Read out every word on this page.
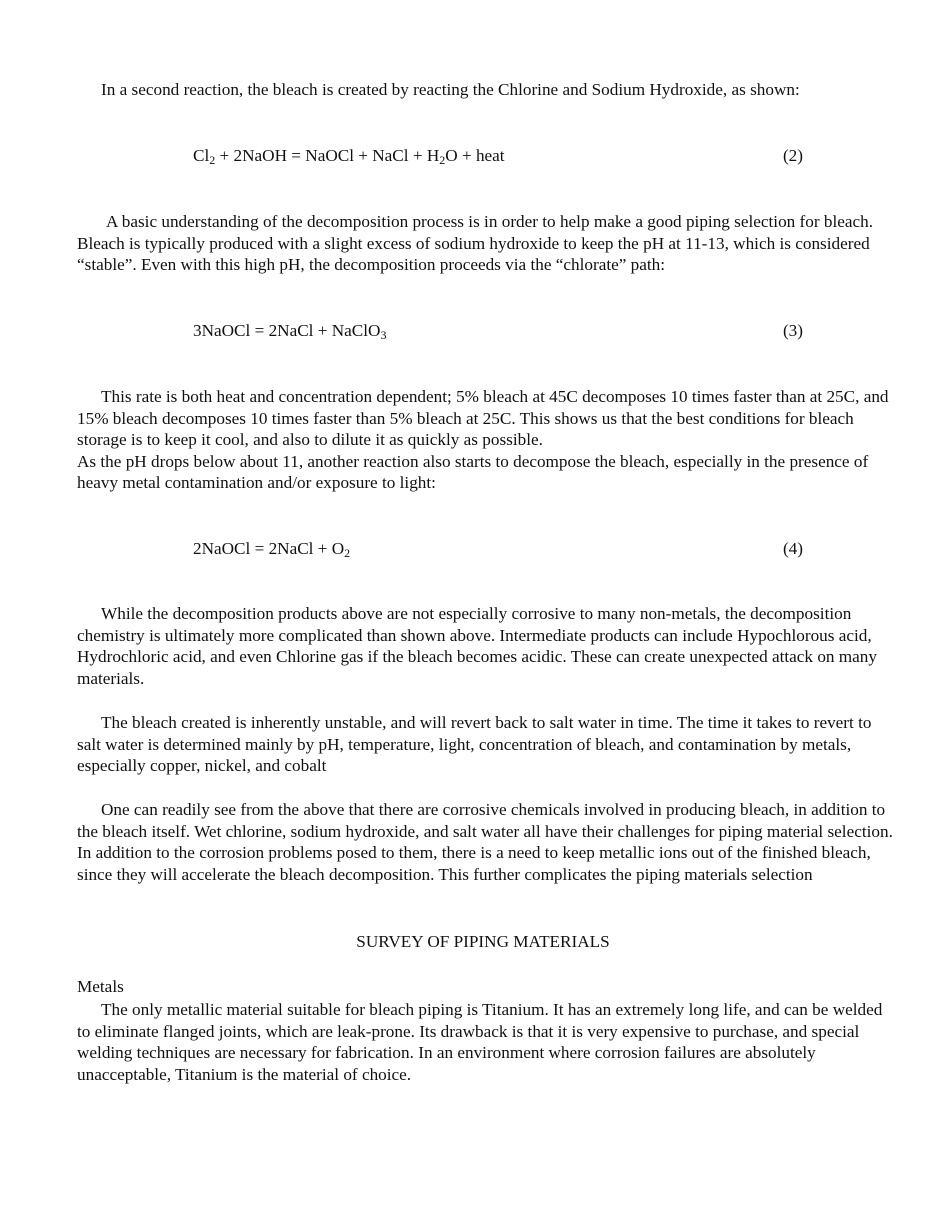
In a second reaction, the bleach is created by reacting the Chlorine and Sodium Hydroxide, as shown:

$Cl_2$ + 2NaOH = NaOCl + NaCl + $H_2O$ + heat	(2)

A basic understanding of the decomposition process is in order to help make a good piping selection for bleach. Bleach is typically produced with a slight excess of sodium hydroxide to keep the pH at 11-13, which is considered “stable”. Even with this high pH, the decomposition proceeds via the “chlorate” path:

3NaOCl = 2NaCl + NaClO$_3$	(3)

This rate is both heat and concentration dependent; 5% bleach at 45C decomposes 10 times faster than at 25C, and 15% bleach decomposes 10 times faster than 5% bleach at 25C. This shows us that the best conditions for bleach storage is to keep it cool, and also to dilute it as quickly as possible.
As the pH drops below about 11, another reaction also starts to decompose the bleach, especially in the presence of heavy metal contamination and/or exposure to light:

2NaOCl = 2NaCl + $O_2$	(4)

While the decomposition products above are not especially corrosive to many non-metals, the decomposition chemistry is ultimately more complicated than shown above. Intermediate products can include Hypochlorous acid, Hydrochloric acid, and even Chlorine gas if the bleach becomes acidic. These can create unexpected attack on many materials.

The bleach created is inherently unstable, and will revert back to salt water in time. The time it takes to revert to salt water is determined mainly by pH, temperature, light, concentration of bleach, and contamination by metals, especially copper, nickel, and cobalt

One can readily see from the above that there are corrosive chemicals involved in producing bleach, in addition to the bleach itself. Wet chlorine, sodium hydroxide, and salt water all have their challenges for piping material selection. In addition to the corrosion problems posed to them, there is a need to keep metallic ions out of the finished bleach, since they will accelerate the bleach decomposition. This further complicates the piping materials selection

SURVEY OF PIPING MATERIALS
Metals

The only metallic material suitable for bleach piping is Titanium. It has an extremely long life, and can be welded to eliminate flanged joints, which are leak-prone. Its drawback is that it is very expensive to purchase, and special welding techniques are necessary for fabrication. In an environment where corrosion failures are absolutely unacceptable, Titanium is the material of choice.
